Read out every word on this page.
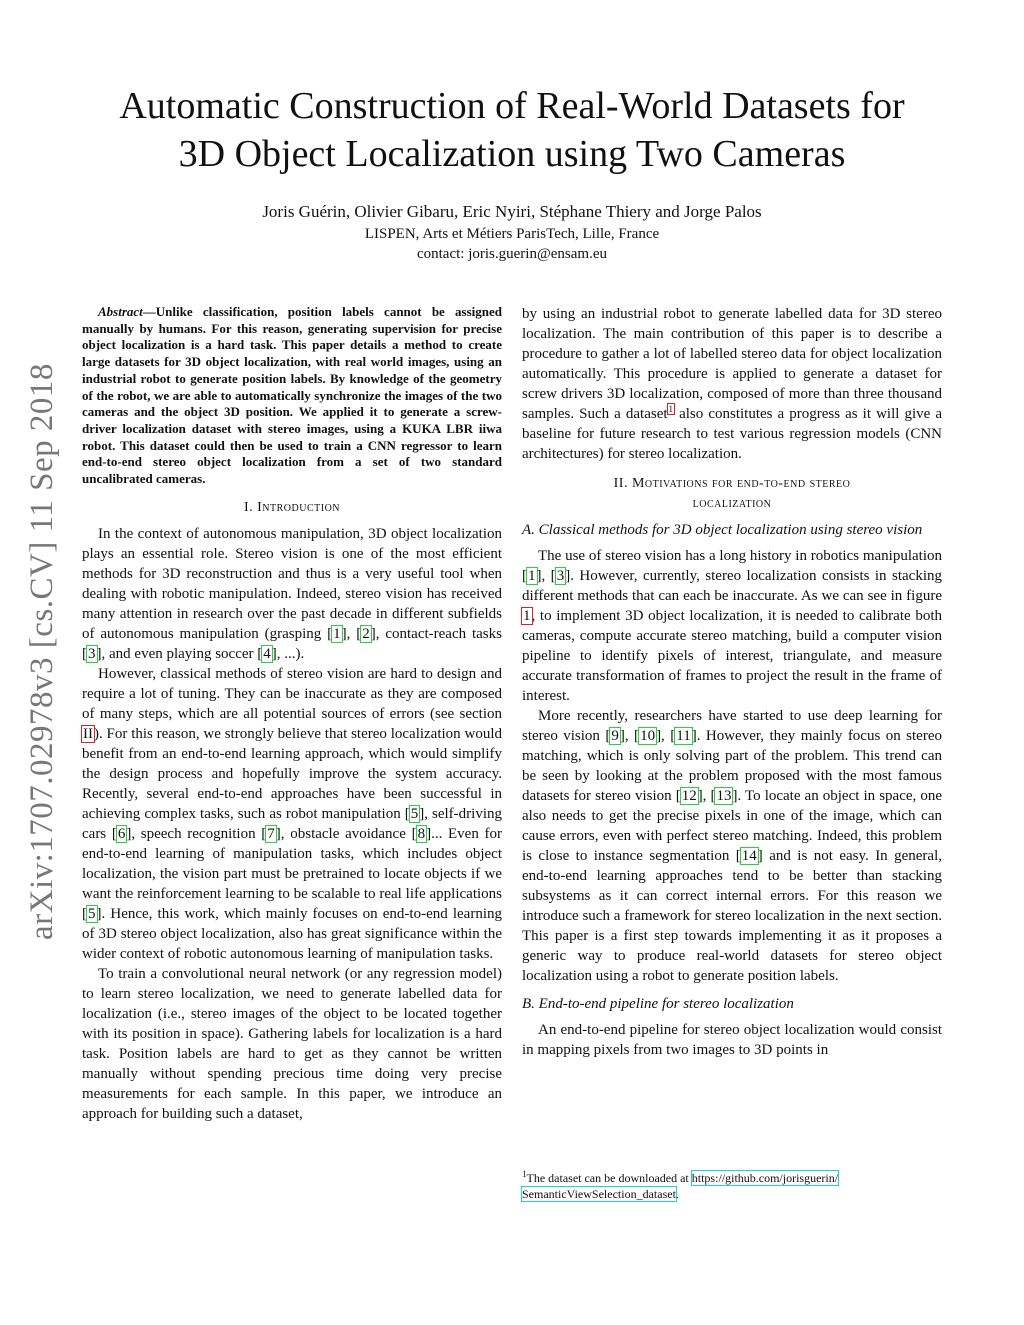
Automatic Construction of Real-World Datasets for
3D Object Localization using Two Cameras
Joris Guérin, Olivier Gibaru, Eric Nyiri, Stéphane Thiery and Jorge Palos
LISPEN, Arts et Métiers ParisTech, Lille, France
contact: joris.guerin@ensam.eu
arXiv:1707.02978v3 [cs.CV] 11 Sep 2018

Abstract—Unlike classification, position labels cannot be assigned manually by humans. For this reason, generating supervision for precise object localization is a hard task. This paper details a method to create large datasets for 3D object localization, with real world images, using an industrial robot to generate position labels. By knowledge of the geometry of the robot, we are able to automatically synchronize the images of the two cameras and the object 3D position. We applied it to generate a screw-driver localization dataset with stereo images, using a KUKA LBR iiwa robot. This dataset could then be used to train a CNN regressor to learn end-to-end stereo object localization from a set of two standard uncalibrated cameras.

I. Introduction

In the context of autonomous manipulation, 3D object localization plays an essential role. Stereo vision is one of the most efficient methods for 3D reconstruction and thus is a very useful tool when dealing with robotic manipulation. Indeed, stereo vision has received many attention in research over the past decade in different subfields of autonomous manipulation (grasping [1], [2], contact-reach tasks [3], and even playing soccer [4], ...).

However, classical methods of stereo vision are hard to design and require a lot of tuning. They can be inaccurate as they are composed of many steps, which are all potential sources of errors (see section II). For this reason, we strongly believe that stereo localization would benefit from an end-to-end learning approach, which would simplify the design process and hopefully improve the system accuracy. Recently, several end-to-end approaches have been successful in achieving complex tasks, such as robot manipulation [5], self-driving cars [6], speech recognition [7], obstacle avoidance [8]... Even for end-to-end learning of manipulation tasks, which includes object localization, the vision part must be pretrained to locate objects if we want the reinforcement learning to be scalable to real life applications [5]. Hence, this work, which mainly focuses on end-to-end learning of 3D stereo object localization, also has great significance within the wider context of robotic autonomous learning of manipulation tasks.

To train a convolutional neural network (or any regression model) to learn stereo localization, we need to generate labelled data for localization (i.e., stereo images of the object to be located together with its position in space). Gathering labels for localization is a hard task. Position labels are hard to get as they cannot be written manually without spending precious time doing very precise measurements for each sample. In this paper, we introduce an approach for building such a dataset,

by using an industrial robot to generate labelled data for 3D stereo localization. The main contribution of this paper is to describe a procedure to gather a lot of labelled stereo data for object localization automatically. This procedure is applied to generate a dataset for screw drivers 3D localization, composed of more than three thousand samples. Such a dataset$^1$ also constitutes a progress as it will give a baseline for future research to test various regression models (CNN architectures) for stereo localization.

II. Motivations for end-to-end stereo
localization
A. Classical methods for 3D object localization using stereo vision

The use of stereo vision has a long history in robotics manipulation [1], [3]. However, currently, stereo localization consists in stacking different methods that can each be inaccurate. As we can see in figure 1, to implement 3D object localization, it is needed to calibrate both cameras, compute accurate stereo matching, build a computer vision pipeline to identify pixels of interest, triangulate, and measure accurate transformation of frames to project the result in the frame of interest.

More recently, researchers have started to use deep learning for stereo vision [9], [10], [11]. However, they mainly focus on stereo matching, which is only solving part of the problem. This trend can be seen by looking at the problem proposed with the most famous datasets for stereo vision [12], [13]. To locate an object in space, one also needs to get the precise pixels in one of the image, which can cause errors, even with perfect stereo matching. Indeed, this problem is close to instance segmentation [14] and is not easy. In general, end-to-end learning approaches tend to be better than stacking subsystems as it can correct internal errors. For this reason we introduce such a framework for stereo localization in the next section. This paper is a first step towards implementing it as it proposes a generic way to produce real-world datasets for stereo object localization using a robot to generate position labels.

B. End-to-end pipeline for stereo localization

An end-to-end pipeline for stereo object localization would consist in mapping pixels from two images to 3D points in

$^1$The dataset can be downloaded at https://github.com/jorisguerin/
SemanticViewSelection_dataset.
